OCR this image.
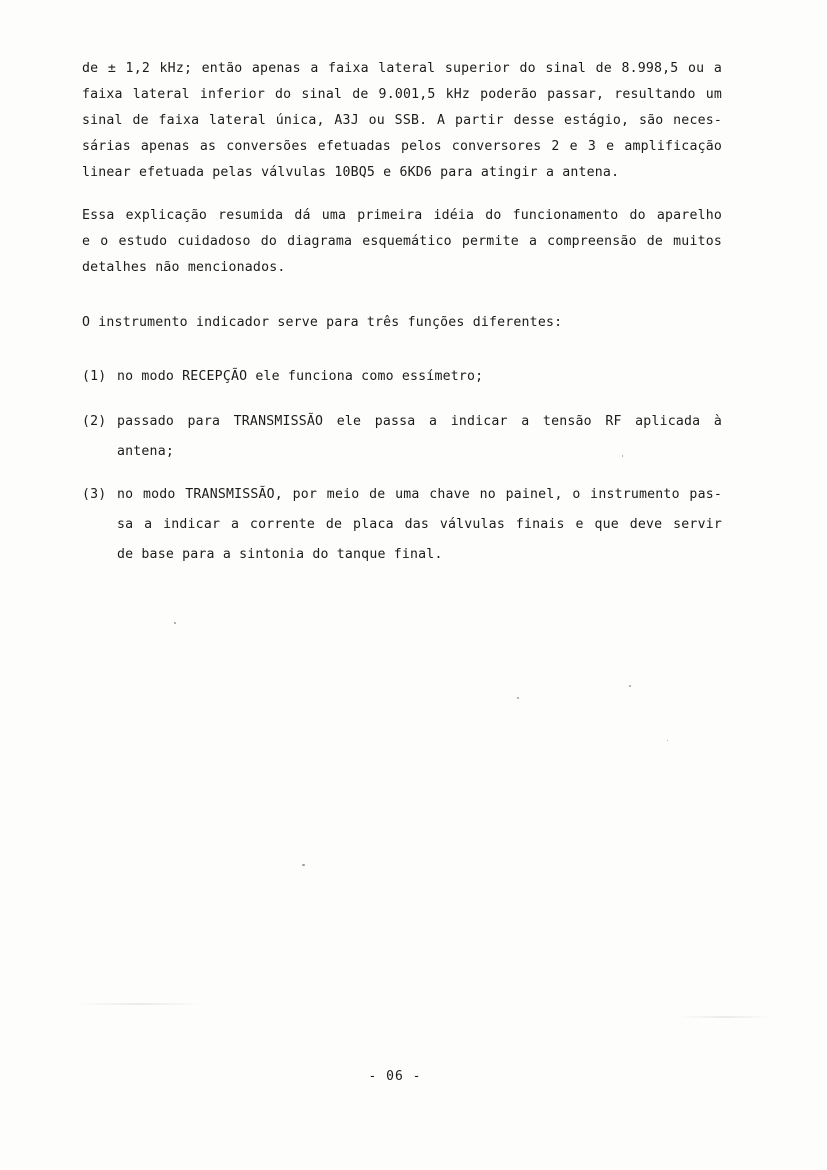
de ± 1,2 kHz; então apenas a faixa lateral superior do sinal de 8.998,5 ou a
faixa lateral inferior do sinal de 9.001,5 kHz poderão passar, resultando um
sinal de faixa lateral única, A3J ou SSB. A partir desse estágio, são neces-
sárias apenas as conversões efetuadas pelos conversores 2 e 3 e amplificação
linear efetuada pelas válvulas 10BQ5 e 6KD6 para atingir a antena.
Essa explicação resumida dá uma primeira idéia do funcionamento do aparelho
e o estudo cuidadoso do diagrama esquemático permite a compreensão de muitos
detalhes não mencionados.
O instrumento indicador serve para três funções diferentes:
(1) no modo RECEPÇÃO ele funciona como essímetro;
(2) passado para TRANSMISSÃO ele passa a indicar a tensão RF aplicada à
antena;
(3) no modo TRANSMISSÃO, por meio de uma chave no painel, o instrumento pas-
sa a indicar a corrente de placa das válvulas finais e que deve servir
de base para a sintonia do tanque final.
- 06 -
